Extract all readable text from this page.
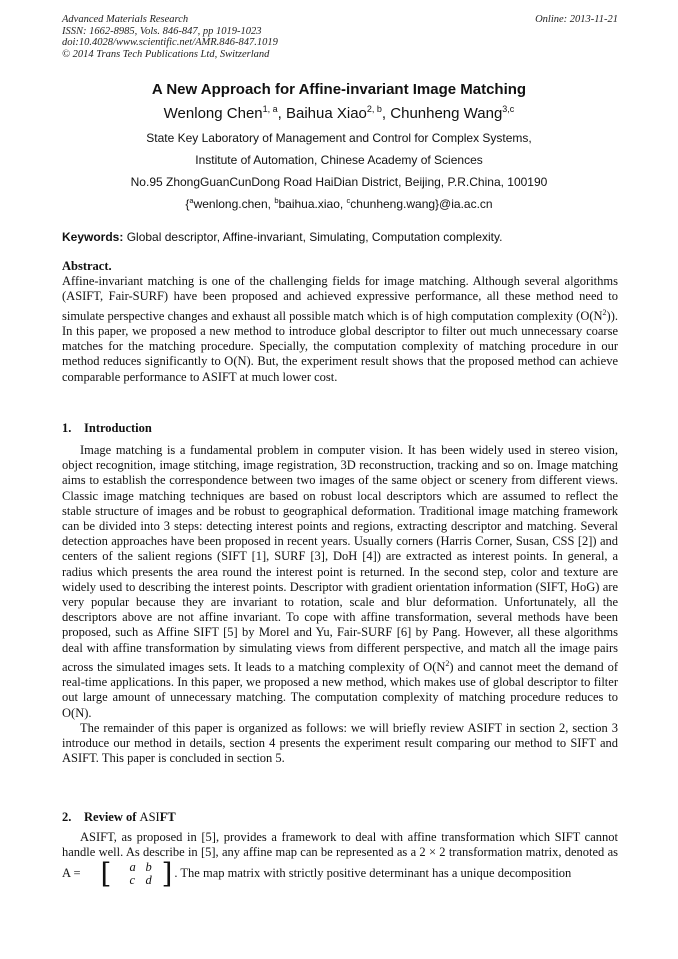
Advanced Materials Research
ISSN: 1662-8985, Vols. 846-847, pp 1019-1023
doi:10.4028/www.scientific.net/AMR.846-847.1019
© 2014 Trans Tech Publications Ltd, Switzerland
Online: 2013-11-21
A New Approach for Affine-invariant Image Matching
Wenlong Chen$^{1, a}$, Baihua Xiao$^{2, b}$, Chunheng Wang$^{3,c}$
State Key Laboratory of Management and Control for Complex Systems,
Institute of Automation, Chinese Academy of Sciences
No.95 ZhongGuanCunDong Road HaiDian District, Beijing, P.R.China, 100190
{$^a$wenlong.chen, $^b$baihua.xiao, $^c$chunheng.wang}@ia.ac.cn
Keywords: Global descriptor, Affine-invariant, Simulating, Computation complexity.

Abstract.

Affine-invariant matching is one of the challenging fields for image matching. Although several algorithms (ASIFT, Fair-SURF) have been proposed and achieved expressive performance, all these method need to simulate perspective changes and exhaust all possible match which is of high computation complexity $(O(N^2))$. In this paper, we proposed a new method to introduce global descriptor to filter out much unnecessary coarse matches for the matching procedure. Specially, the computation complexity of matching procedure in our method reduces significantly to O(N). But, the experiment result shows that the proposed method can achieve comparable performance to ASIFT at much lower cost.

1. Introduction

Image matching is a fundamental problem in computer vision. It has been widely used in stereo vision, object recognition, image stitching, image registration, 3D reconstruction, tracking and so on. Image matching aims to establish the correspondence between two images of the same object or scenery from different views. Classic image matching techniques are based on robust local descriptors which are assumed to reflect the stable structure of images and be robust to geographical deformation. Traditional image matching framework can be divided into 3 steps: detecting interest points and regions, extracting descriptor and matching. Several detection approaches have been proposed in recent years. Usually corners (Harris Corner, Susan, CSS [2]) and centers of the salient regions (SIFT [1], SURF [3], DoH [4]) are extracted as interest points. In general, a radius which presents the area round the interest point is returned. In the second step, color and texture are widely used to describing the interest points. Descriptor with gradient orientation information (SIFT, HoG) are very popular because they are invariant to rotation, scale and blur deformation. Unfortunately, all the descriptors above are not affine invariant. To cope with affine transformation, several methods have been proposed, such as Affine SIFT [5] by Morel and Yu, Fair-SURF [6] by Pang. However, all these algorithms deal with affine transformation by simulating views from different perspective, and match all the image pairs across the simulated images sets. It leads to a matching complexity of $O(N^2)$ and cannot meet the demand of real-time applications. In this paper, we proposed a new method, which makes use of global descriptor to filter out large amount of unnecessary matching. The computation complexity of matching procedure reduces to O(N).

The remainder of this paper is organized as follows: we will briefly review ASIFT in section 2, section 3 introduce our method in details, section 4 presents the experiment result comparing our method to SIFT and ASIFT. This paper is concluded in section 5.

2. Review of ASIFT

ASIFT, as proposed in [5], provides a framework to deal with affine transformation which SIFT cannot handle well. As describe in [5], any affine map can be represented as a 2 × 2 transformation matrix, denoted as A = [	a b
c d ] . The map matrix with strictly positive determinant has a unique decomposition
